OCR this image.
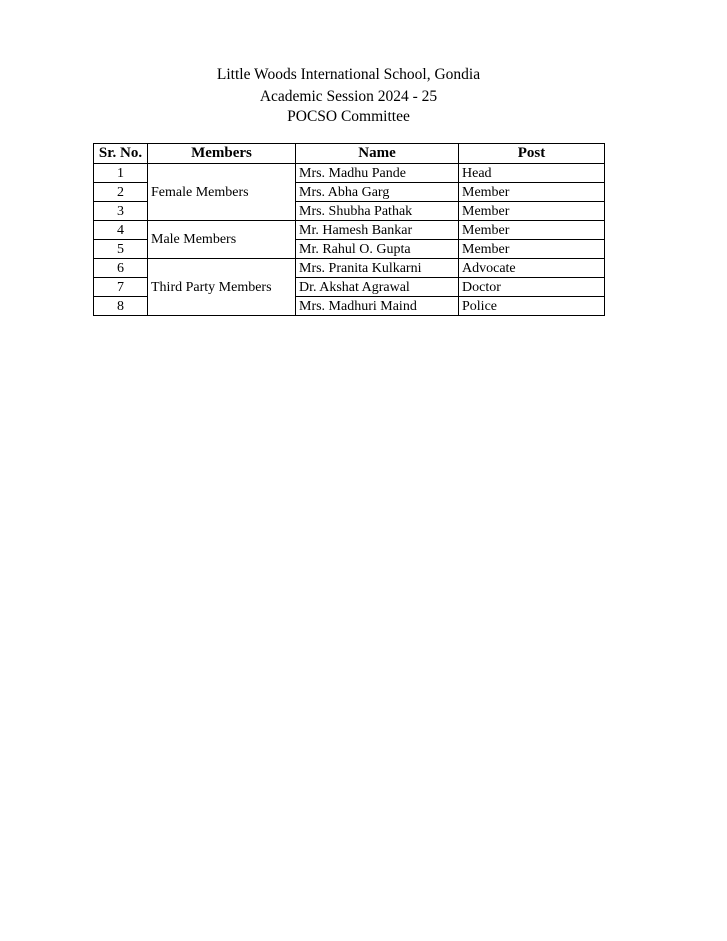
Little Woods International School, Gondia
Academic Session 2024 - 25
POCSO Committee
Sr. No.	Members	Name	Post
1	Female Members	Mrs. Madhu Pande	Head
2		Mrs. Abha Garg	Member
3		Mrs. Shubha Pathak	Member
4	Male Members	Mr. Hamesh Bankar	Member
5		Mr. Rahul O. Gupta	Member
6	Third Party Members	Mrs. Pranita Kulkarni	Advocate
7		Dr. Akshat Agrawal	Doctor
8		Mrs. Madhuri Maind	Police
